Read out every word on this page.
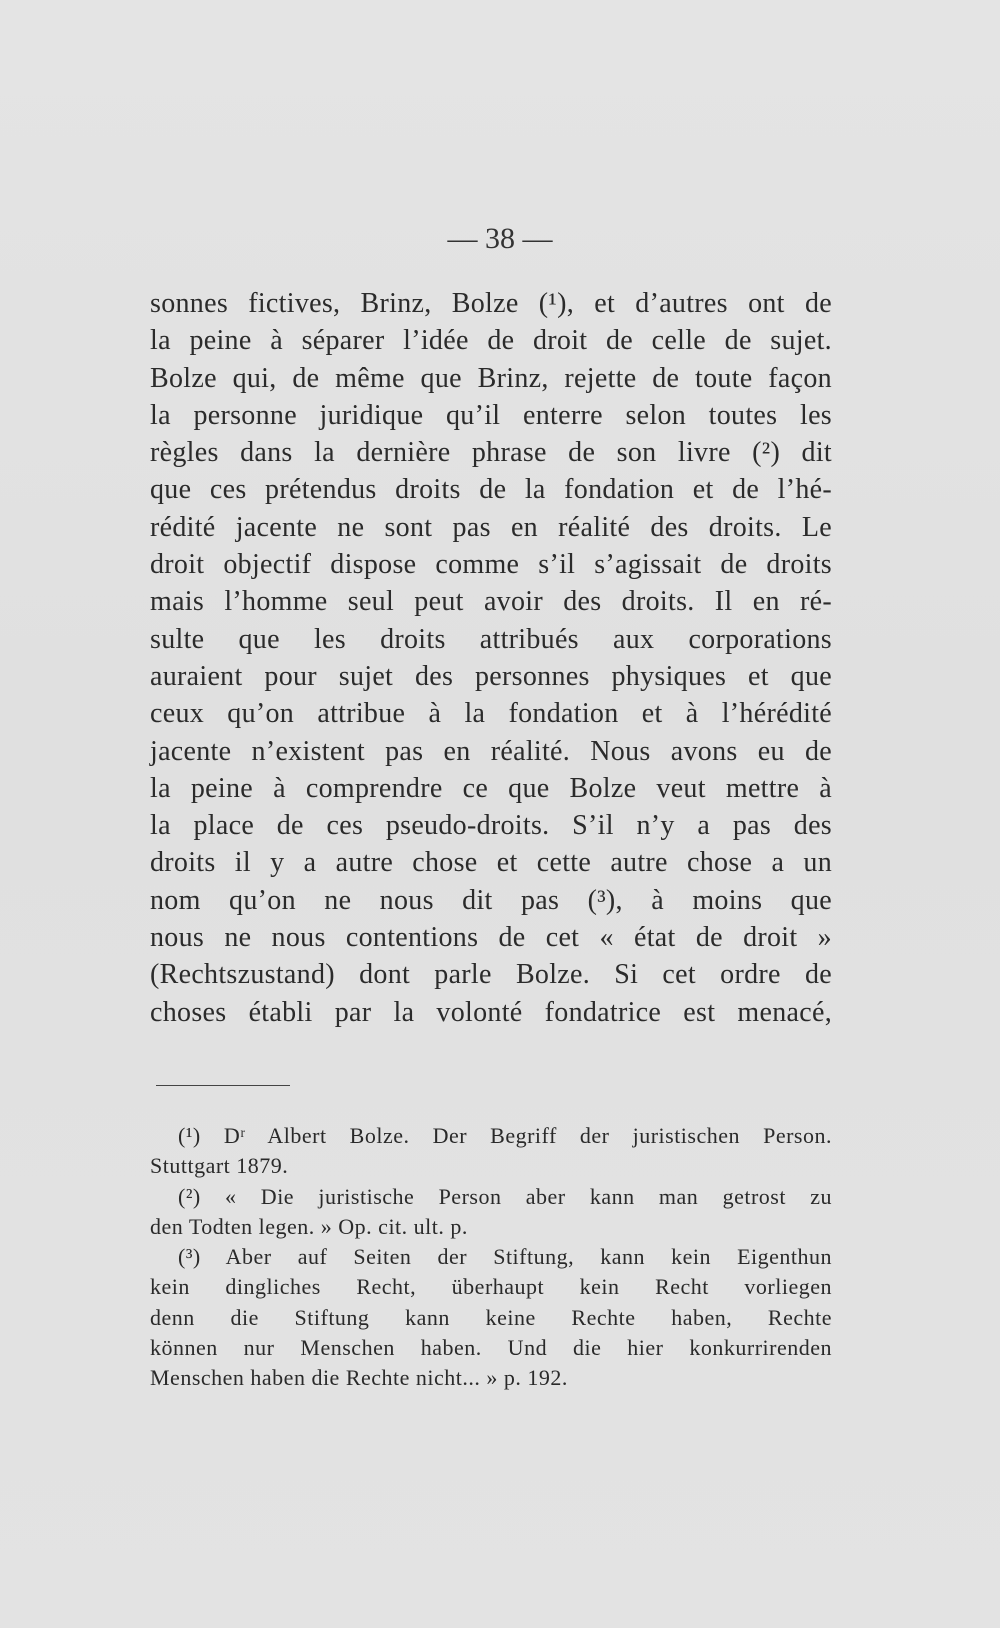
— 38 —
sonnes fictives, Brinz, Bolze (¹), et d’autres ont de
la peine à séparer l’idée de droit de celle de sujet.
Bolze qui, de même que Brinz, rejette de toute façon
la personne juridique qu’il enterre selon toutes les
règles dans la dernière phrase de son livre (²) dit
que ces prétendus droits de la fondation et de l’hé-
rédité jacente ne sont pas en réalité des droits. Le
droit objectif dispose comme s’il s’agissait de droits
mais l’homme seul peut avoir des droits. Il en ré-
sulte que les droits attribués aux corporations
auraient pour sujet des personnes physiques et que
ceux qu’on attribue à la fondation et à l’hérédité
jacente n’existent pas en réalité. Nous avons eu de
la peine à comprendre ce que Bolze veut mettre à
la place de ces pseudo-droits. S’il n’y a pas des
droits il y a autre chose et cette autre chose a un
nom qu’on ne nous dit pas (³), à moins que
nous ne nous contentions de cet « état de droit »
(Rechtszustand) dont parle Bolze. Si cet ordre de
choses établi par la volonté fondatrice est menacé,
(¹) Dʳ Albert Bolze. Der Begriff der juristischen Person.
Stuttgart 1879.
(²) « Die juristische Person aber kann man getrost zu
den Todten legen. » Op. cit. ult. p.
(³) Aber auf Seiten der Stiftung, kann kein Eigenthun
kein dingliches Recht, überhaupt kein Recht vorliegen
denn die Stiftung kann keine Rechte haben, Rechte
können nur Menschen haben. Und die hier konkurrirenden
Menschen haben die Rechte nicht... » p. 192.
